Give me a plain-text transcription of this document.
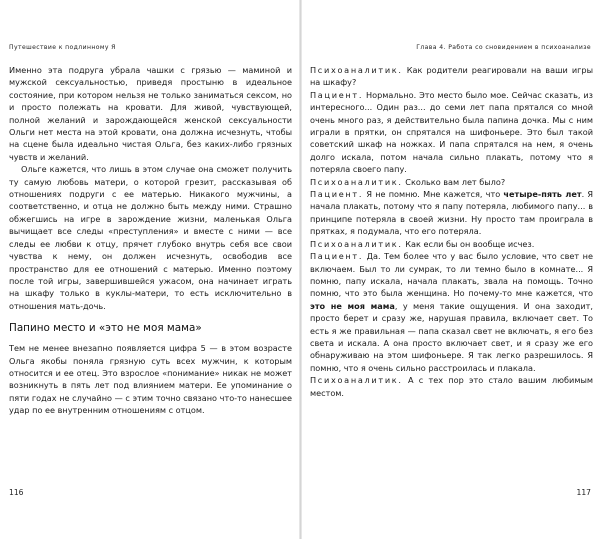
Путешествие к подлинному Я

Именно эта подруга убрала чашки с грязью — маминой и мужской сексуальностью, приведя простыню в идеальное состояние, при котором нельзя не только заниматься сексом, но и просто полежать на кровати. Для живой, чувствующей, полной желаний и зарождающейся женской сексуальности Ольги нет места на этой кровати, она должна исчезнуть, чтобы на сцене была идеально чистая Ольга, без каких-либо грязных чувств и желаний.

Ольге кажется, что лишь в этом случае она сможет получить ту самую любовь матери, о которой грезит, рассказывая об отношениях подруги с ее матерью. Никакого мужчины, а соответственно, и отца не должно быть между ними. Страшно обжегшись на игре в зарождение жизни, маленькая Ольга вычищает все следы «преступления» и вместе с ними — все следы ее любви к отцу, прячет глубоко внутрь себя все свои чувства к нему, он должен исчезнуть, освободив все пространство для ее отношений с матерью. Именно поэтому после той игры, завершившейся ужасом, она начинает играть на шкафу только в куклы-матери, то есть исключительно в отношения мать-дочь.

Папино место и «это не моя мама»

Тем не менее внезапно появляется цифра 5 — в этом возрасте Ольга якобы поняла грязную суть всех мужчин, к которым относится и ее отец. Это взрослое «понимание» никак не может возникнуть в пять лет под влиянием матери. Ее упоминание о пяти годах не случайно — с этим точно связано что-то нанесшее удар по ее внутренним отношениям с отцом.

116
Глава 4. Работа со сновидением в психоанализе

Психоаналитик. Как родители реагировали на ваши игры на шкафу?

Пациент. Нормально. Это место было мое. Сейчас сказать, из интересного... Один раз... до семи лет папа прятался со мной очень много раз, я действительно была папина дочка. Мы с ним играли в прятки, он спрятался на шифоньере. Это был такой советский шкаф на ножках. И папа спрятался на нем, я очень долго искала, потом начала сильно плакать, потому что я потеряла своего папу.

Психоаналитик. Сколько вам лет было?

Пациент. Я не помню. Мне кажется, что четыре-пять лет. Я начала плакать, потому что я папу потеряла, любимого папу... в принципе потеряла в своей жизни. Ну просто там проиграла в прятках, я подумала, что его потеряла.

Психоаналитик. Как если бы он вообще исчез.

Пациент. Да. Тем более что у вас было условие, что свет не включаем. Был то ли сумрак, то ли темно было в комнате... Я помню, папу искала, начала плакать, звала на помощь. Точно помню, что это была женщина. Но почему-то мне кажется, что это не моя мама, у меня такие ощущения. И она заходит, просто берет и сразу же, нарушая правила, включает свет. То есть я же правильная — папа сказал свет не включать, я его без света и искала. А она просто включает свет, и я сразу же его обнаруживаю на этом шифоньере. Я так легко разрешилось. Я помню, что я очень сильно расстроилась и плакала.

Психоаналитик. А с тех пор это стало вашим любимым местом.

117
